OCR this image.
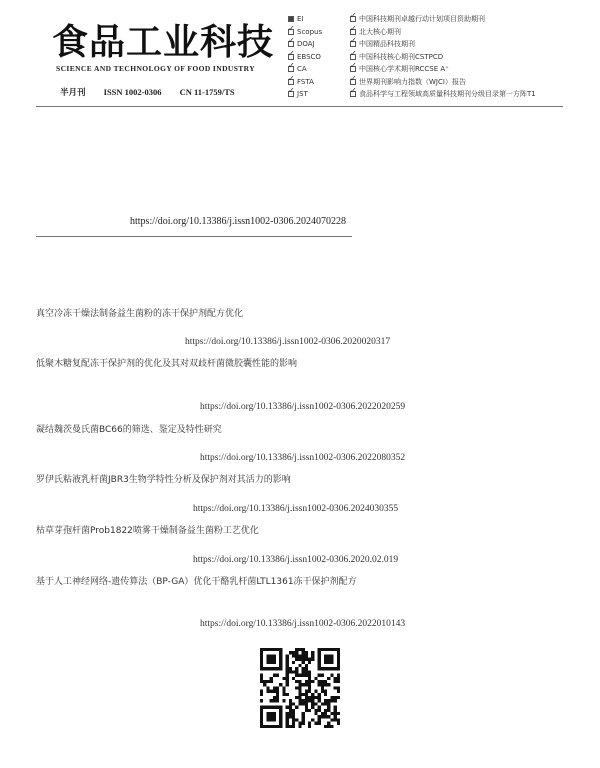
食品工业科技
SCIENCE AND TECHNOLOGY OF FOOD INDUSTRY
半月刊 ISSN 1002-0306 CN 11-1759/TS
EI
✓ Scopus
✓ DOAJ
✓ EBSCO
✓ CA
✓ FSTA
✓ JST
✓ 中国科技期刊卓越行动计划项目资助期刊
✓ 北大核心期刊
✓ 中国精品科技期刊
✓ 中国科技核心期刊CSTPCD
✓ 中国核心学术期刊RCCSE A⁺
✓ 世界期刊影响力指数（WJCI）报告
✓ 食品科学与工程领域高质量科技期刊分级目录第一方阵T1
https://doi.org/10.13386/j.issn1002-0306.2024070228
真空冷冻干燥法制备益生菌粉的冻干保护剂配方优化
https://doi.org/10.13386/j.issn1002-0306.2020020317
低聚木糖复配冻干保护剂的优化及其对双歧杆菌微胶囊性能的影响
https://doi.org/10.13386/j.issn1002-0306.2022020259
凝结魏茨曼氏菌BC66的筛选、鉴定及特性研究
https://doi.org/10.13386/j.issn1002-0306.2022080352
罗伊氏粘液乳杆菌JBR3生物学特性分析及保护剂对其活力的影响
https://doi.org/10.13386/j.issn1002-0306.2024030355
枯草芽孢杆菌Prob1822喷雾干燥制备益生菌粉工艺优化
https://doi.org/10.13386/j.issn1002-0306.2020.02.019
基于人工神经网络-遗传算法（BP-GA）优化干酪乳杆菌LTL1361冻干保护剂配方
https://doi.org/10.13386/j.issn1002-0306.2022010143
